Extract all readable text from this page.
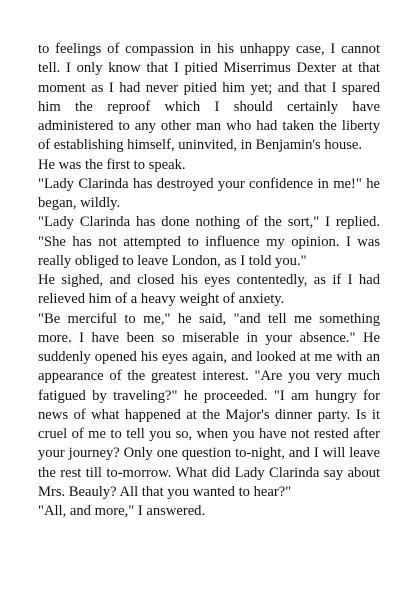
to feelings of compassion in his unhappy case, I cannot tell. I only know that I pitied Miserrimus Dexter at that moment as I had never pitied him yet; and that I spared him the reproof which I should certainly have administered to any other man who had taken the liberty of establishing himself, uninvited, in Benjamin's house.

He was the first to speak.

"Lady Clarinda has destroyed your confidence in me!" he began, wildly.

"Lady Clarinda has done nothing of the sort," I replied. "She has not attempted to influence my opinion. I was really obliged to leave London, as I told you."

He sighed, and closed his eyes contentedly, as if I had relieved him of a heavy weight of anxiety.

"Be merciful to me," he said, "and tell me something more. I have been so miserable in your absence." He suddenly opened his eyes again, and looked at me with an appearance of the greatest interest. "Are you very much fatigued by traveling?" he proceeded. "I am hungry for news of what happened at the Major's dinner party. Is it cruel of me to tell you so, when you have not rested after your journey? Only one question to-night, and I will leave the rest till to-morrow. What did Lady Clarinda say about Mrs. Beauly? All that you wanted to hear?"

"All, and more," I answered.
